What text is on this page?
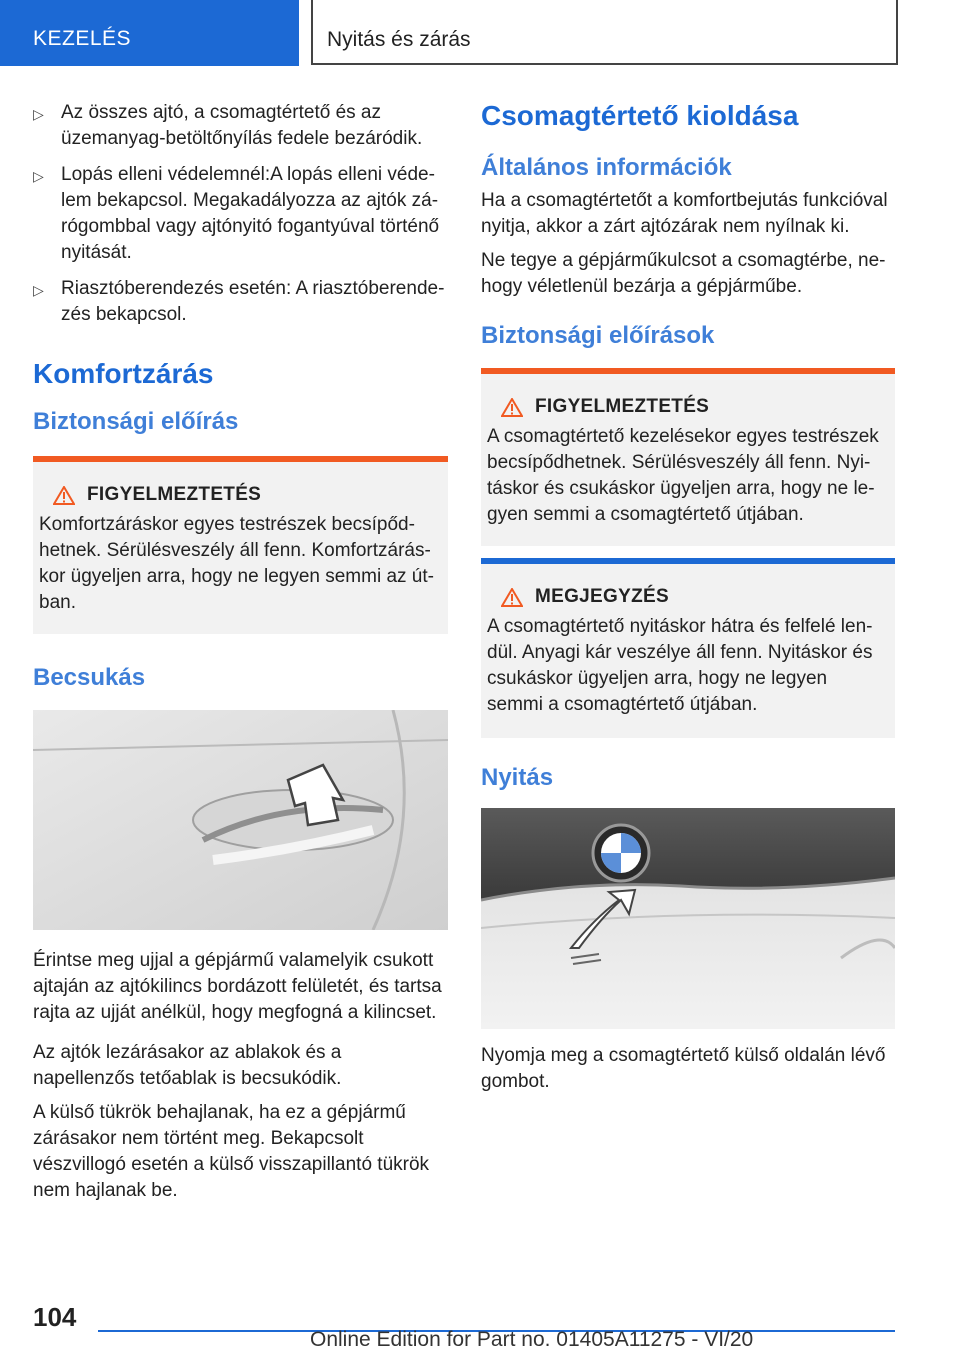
KEZELÉS	Nyitás és zárás
▷ Az összes ajtó, a csomagtértető és az üzemanyag-betöltőnyílás fedele bezáródik.
▷ Lopás elleni védelemnél:A lopás elleni védelem bekapcsol. Megakadályozza az ajtók zárógombbal vagy ajtónyitó fogantyúval történő nyitását.
▷ Riasztóberendezés esetén: A riasztóberendezés bekapcsol.
Komfortzárás
Biztonsági előírás
FIGYELMEZTETÉS
Komfortzáráskor egyes testrészek becsípődhetnek. Sérülésveszély áll fenn. Komfortzáráskor ügyeljen arra, hogy ne legyen semmi az útban.
Becsukás
Érintse meg ujjal a gépjármű valamelyik csukott ajtaján az ajtókilincs bordázott felületét, és tartsa rajta az ujját anélkül, hogy megfogná a kilincset.
Az ajtók lezárásakor az ablakok és a napellenzős tetőablak is becsukódik.
A külső tükrök behajlanak, ha ez a gépjármű zárásakor nem történt meg. Bekapcsolt vészvillogó esetén a külső visszapillantó tükrök nem hajlanak be.
Csomagtértető kioldása
Általános információk
Ha a csomagtértetőt a komfortbejutás funkcióval nyitja, akkor a zárt ajtózárak nem nyílnak ki.
Ne tegye a gépjárműkulcsot a csomagtérbe, nehogy véletlenül bezárja a gépjárműbe.
Biztonsági előírások
FIGYELMEZTETÉS
A csomagtértető kezelésekor egyes testrészek becsípődhetnek. Sérülésveszély áll fenn. Nyitáskor és csukáskor ügyeljen arra, hogy ne legyen semmi a csomagtértető útjában.
MEGJEGYZÉS
A csomagtértető nyitáskor hátra és felfelé lendül. Anyagi kár veszélye áll fenn. Nyitáskor és csukáskor ügyeljen arra, hogy ne legyen semmi a csomagtértető útjában.
Nyitás
Nyomja meg a csomagtértető külső oldalán lévő gombot.
104
Online Edition for Part no. 01405A11275 - VI/20
